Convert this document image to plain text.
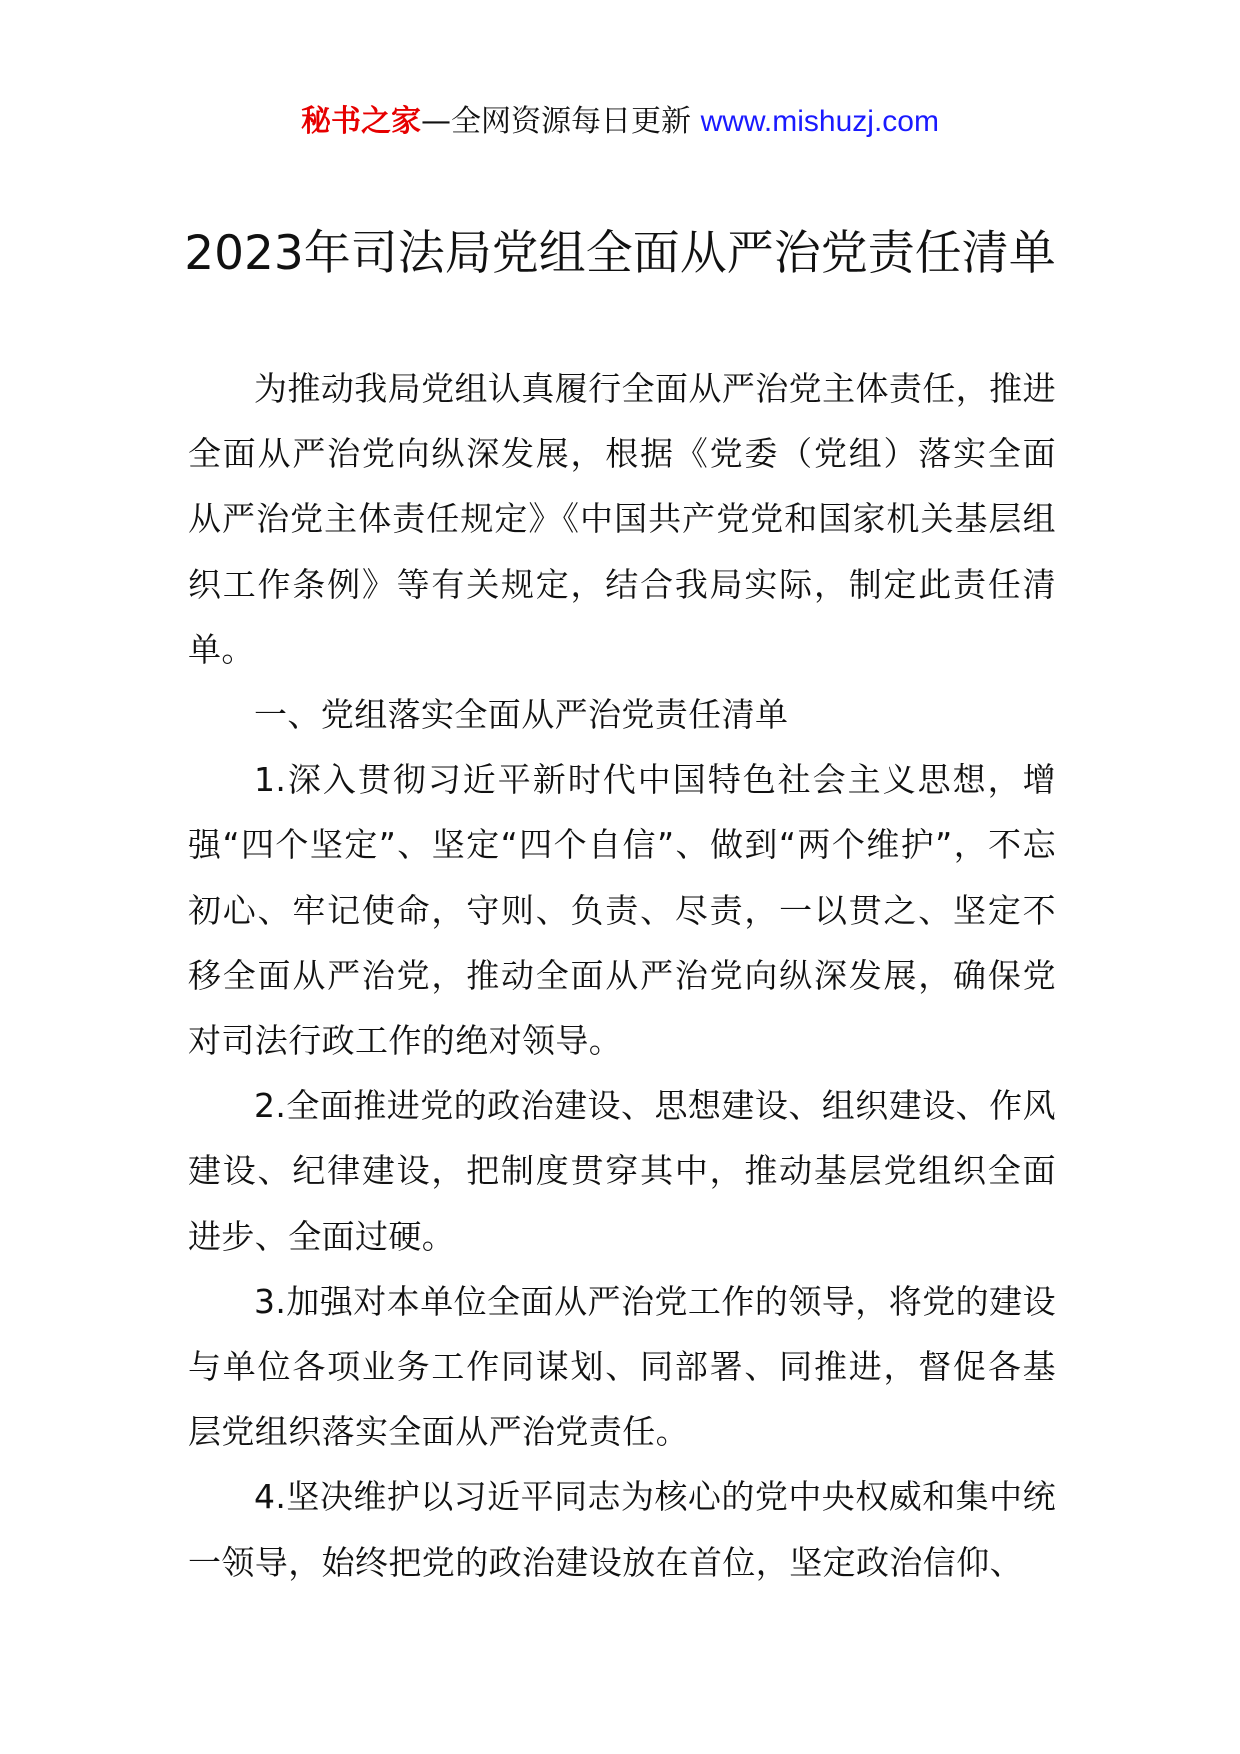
秘书之家—全网资源每日更新 www.mishuzj.com
2023年司法局党组全面从严治党责任清单

为推动我局党组认真履行全面从严治党主体责任，推进全面从严治党向纵深发展，根据《党委（党组）落实全面从严治党主体责任规定》《中国共产党党和国家机关基层组织工作条例》等有关规定，结合我局实际，制定此责任清单。

一、党组落实全面从严治党责任清单

1.深入贯彻习近平新时代中国特色社会主义思想，增强“四个坚定”、坚定“四个自信”、做到“两个维护”，不忘初心、牢记使命，守则、负责、尽责，一以贯之、坚定不移全面从严治党，推动全面从严治党向纵深发展，确保党对司法行政工作的绝对领导。

2.全面推进党的政治建设、思想建设、组织建设、作风建设、纪律建设，把制度贯穿其中，推动基层党组织全面进步、全面过硬。

3.加强对本单位全面从严治党工作的领导，将党的建设与单位各项业务工作同谋划、同部署、同推进，督促各基层党组织落实全面从严治党责任。

4.坚决维护以习近平同志为核心的党中央权威和集中统一领导，始终把党的政治建设放在首位，坚定政治信仰、
